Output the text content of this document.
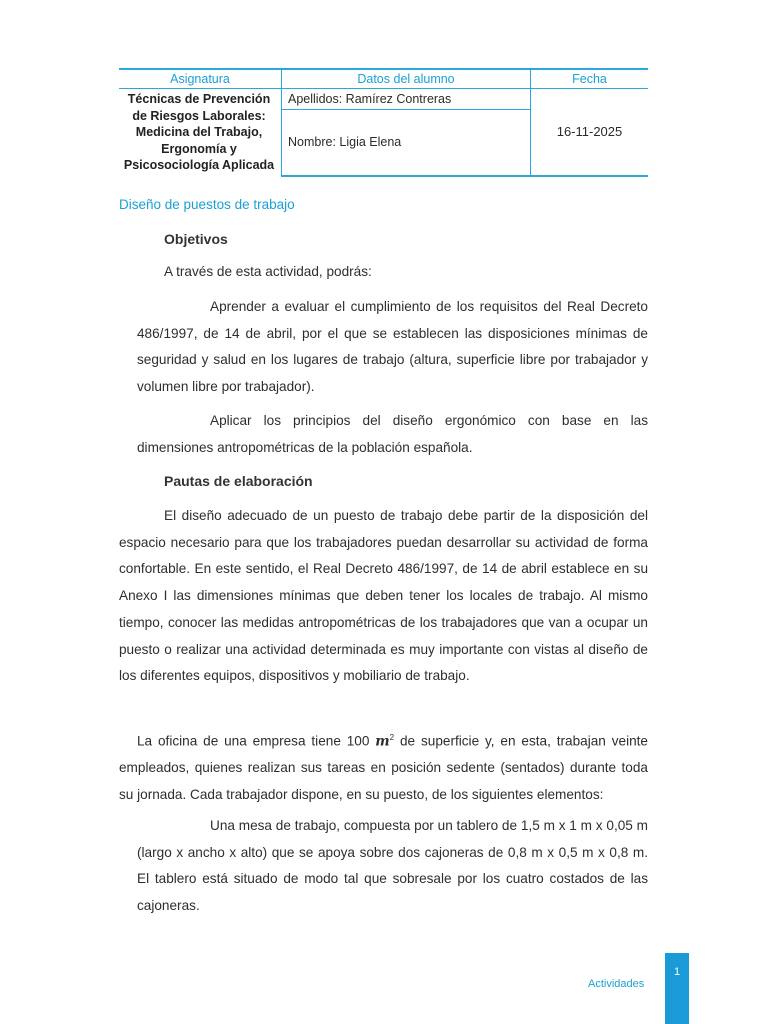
Asignatura	Datos del alumno	Fecha
Técnicas de Prevención de Riesgos Laborales: Medicina del Trabajo, Ergonomía y Psicosociología Aplicada	Apellidos: Ramírez Contreras	16-11-2025
	Nombre: Ligia Elena	
Diseño de puestos de trabajo
Objetivos
A través de esta actividad, podrás:
Aprender a evaluar el cumplimiento de los requisitos del Real Decreto 486/1997, de 14 de abril, por el que se establecen las disposiciones mínimas de seguridad y salud en los lugares de trabajo (altura, superficie libre por trabajador y volumen libre por trabajador).
Aplicar los principios del diseño ergonómico con base en las dimensiones antropométricas de la población española.
Pautas de elaboración
El diseño adecuado de un puesto de trabajo debe partir de la disposición del espacio necesario para que los trabajadores puedan desarrollar su actividad de forma confortable. En este sentido, el Real Decreto 486/1997, de 14 de abril establece en su Anexo I las dimensiones mínimas que deben tener los locales de trabajo. Al mismo tiempo, conocer las medidas antropométricas de los trabajadores que van a ocupar un puesto o realizar una actividad determinada es muy importante con vistas al diseño de los diferentes equipos, dispositivos y mobiliario de trabajo.
La oficina de una empresa tiene 100 $m^2$ de superficie y, en esta, trabajan veinte empleados, quienes realizan sus tareas en posición sedente (sentados) durante toda su jornada. Cada trabajador dispone, en su puesto, de los siguientes elementos:
Una mesa de trabajo, compuesta por un tablero de 1,5 m x 1 m x 0,05 m (largo x ancho x alto) que se apoya sobre dos cajoneras de 0,8 m x 0,5 m x 0,8 m. El tablero está situado de modo tal que sobresale por los cuatro costados de las cajoneras.
Actividades
1
